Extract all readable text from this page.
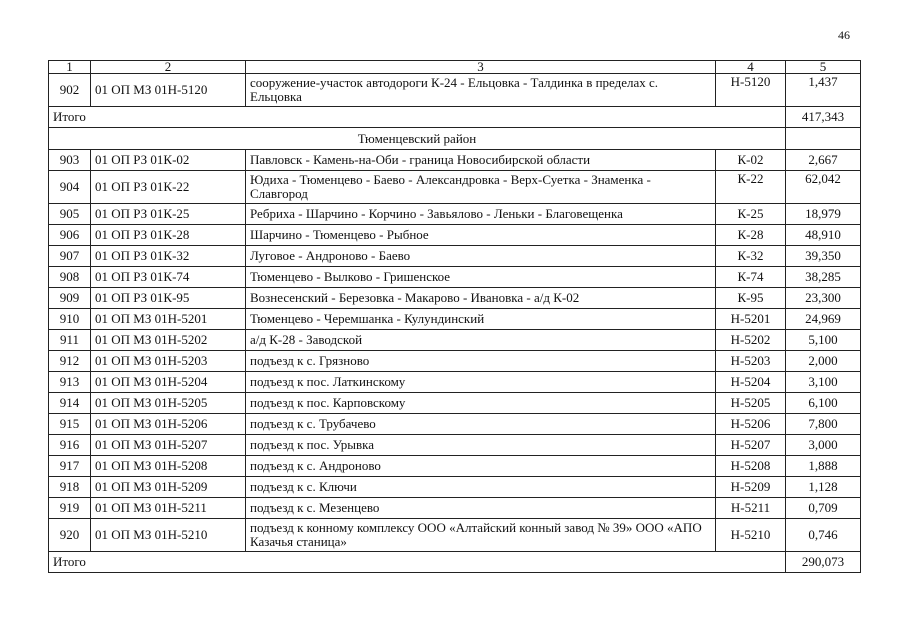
46
1	2	3	4	5
902	01 ОП МЗ 01Н-5120	сооружение-участок автодороги К-24 - Ельцовка - Талдинка в пределах с. Ельцовка	Н-5120	1,437
Итого				417,343
Тюменцевский район				
903	01 ОП РЗ 01К-02	Павловск - Камень-на-Оби - граница Новосибирской области	К-02	2,667
904	01 ОП РЗ 01К-22	Юдиха - Тюменцево - Баево - Александровка - Верх-Суетка - Знаменка - Славгород	К-22	62,042
905	01 ОП РЗ 01К-25	Ребриха - Шарчино - Корчино - Завьялово - Леньки - Благовещенка	К-25	18,979
906	01 ОП РЗ 01К-28	Шарчино - Тюменцево - Рыбное	К-28	48,910
907	01 ОП РЗ 01К-32	Луговое - Андроново - Баево	К-32	39,350
908	01 ОП РЗ 01К-74	Тюменцево - Вылково - Гришенское	К-74	38,285
909	01 ОП РЗ 01К-95	Вознесенский - Березовка - Макарово - Ивановка - а/д К-02	К-95	23,300
910	01 ОП МЗ 01Н-5201	Тюменцево - Черемшанка - Кулундинский	Н-5201	24,969
911	01 ОП МЗ 01Н-5202	а/д К-28 - Заводской	Н-5202	5,100
912	01 ОП МЗ 01Н-5203	подъезд к с. Грязново	Н-5203	2,000
913	01 ОП МЗ 01Н-5204	подъезд к пос. Латкинскому	Н-5204	3,100
914	01 ОП МЗ 01Н-5205	подъезд к пос. Карповскому	Н-5205	6,100
915	01 ОП МЗ 01Н-5206	подъезд к с. Трубачево	Н-5206	7,800
916	01 ОП МЗ 01Н-5207	подъезд к пос. Урывка	Н-5207	3,000
917	01 ОП МЗ 01Н-5208	подъезд к с. Андроново	Н-5208	1,888
918	01 ОП МЗ 01Н-5209	подъезд к с. Ключи	Н-5209	1,128
919	01 ОП МЗ 01Н-5211	подъезд к с. Мезенцево	Н-5211	0,709
920	01 ОП МЗ 01Н-5210	подъезд к конному комплексу ООО «Алтайский конный завод № 39» ООО «АПО Казачья станица»	Н-5210	0,746
Итого				290,073
